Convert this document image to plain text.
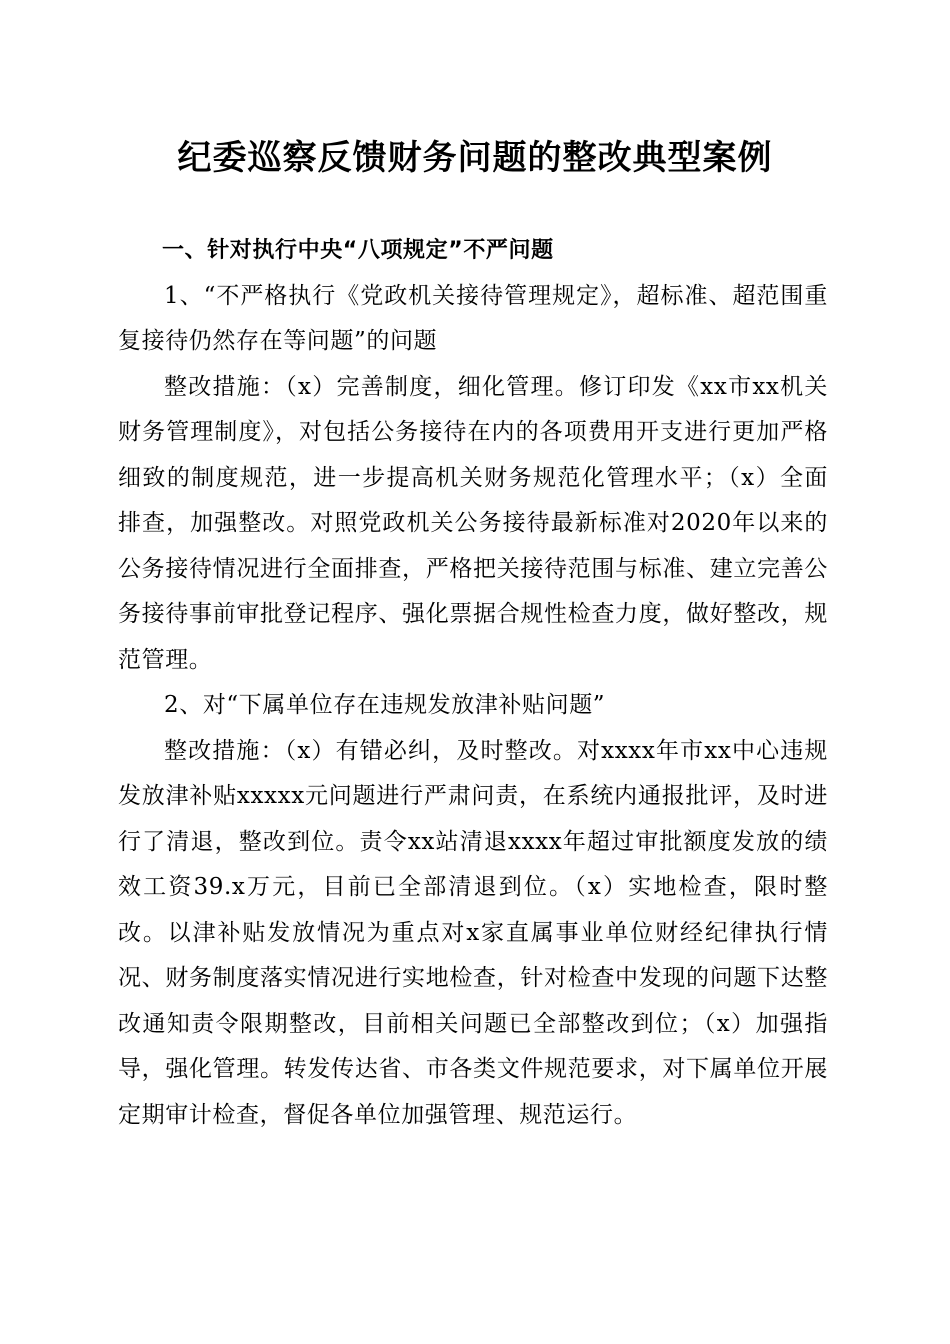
纪委巡察反馈财务问题的整改典型案例

一、针对执行中央“八项规定”不严问题

1、“不严格执行《党政机关接待管理规定》，超标准、超范围重复接待仍然存在等问题”的问题

整改措施：（x）完善制度，细化管理。修订印发《xx市xx机关财务管理制度》，对包括公务接待在内的各项费用开支进行更加严格细致的制度规范，进一步提高机关财务规范化管理水平；（x）全面排查，加强整改。对照党政机关公务接待最新标准对2020年以来的公务接待情况进行全面排查，严格把关接待范围与标准、建立完善公务接待事前审批登记程序、强化票据合规性检查力度，做好整改，规范管理。

2、对“下属单位存在违规发放津补贴问题”

整改措施：（x）有错必纠，及时整改。对xxxx年市xx中心违规发放津补贴xxxxx元问题进行严肃问责，在系统内通报批评，及时进行了清退，整改到位。责令xx站清退xxxx年超过审批额度发放的绩效工资39.x万元，目前已全部清退到位。（x）实地检查，限时整改。以津补贴发放情况为重点对x家直属事业单位财经纪律执行情况、财务制度落实情况进行实地检查，针对检查中发现的问题下达整改通知责令限期整改，目前相关问题已全部整改到位；（x）加强指导，强化管理。转发传达省、市各类文件规范要求，对下属单位开展定期审计检查，督促各单位加强管理、规范运行。
